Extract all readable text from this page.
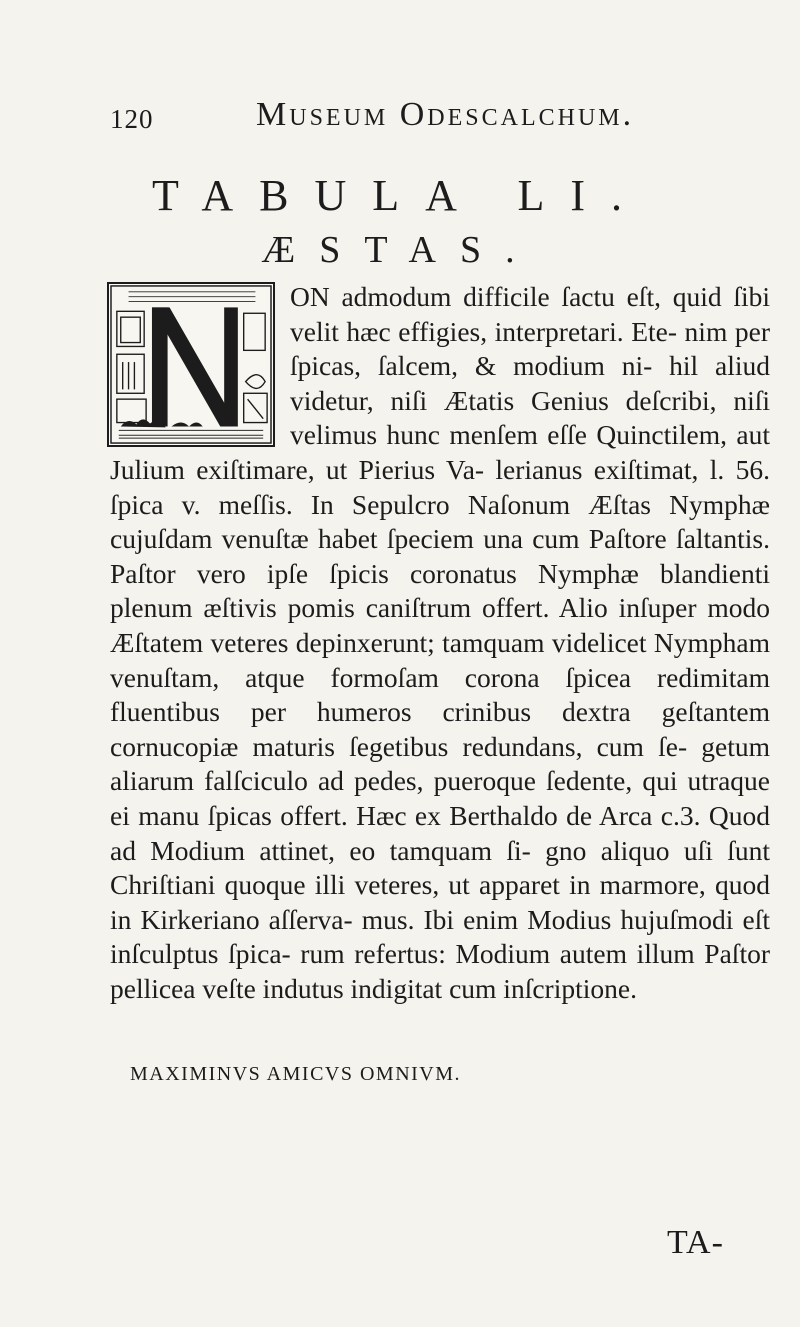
120	Museum Odescalchum.
TABULA LI.
ÆSTAS.

ON admodum difficile ſactu eſt, quid ſibi velit hæc effigies, interpretari. Ete- nim per ſpicas, ſalcem, & modium ni- hil aliud videtur, niſi Ætatis Genius deſcribi, niſi velimus hunc menſem eſſe Quinctilem, aut Julium exiſtimare, ut Pierius Va- lerianus exiſtimat, l. 56. ſpica v. meſſis. In Sepulcro Naſonum Æſtas Nymphæ cujuſdam venuſtæ habet ſpeciem una cum Paſtore ſaltantis. Paſtor vero ipſe ſpicis coronatus Nymphæ blandienti plenum æſtivis pomis caniſtrum offert. Alio inſuper modo Æſtatem veteres depinxerunt; tamquam videlicet Nympham venuſtam, atque formoſam corona ſpicea redimitam fluentibus per humeros crinibus dextra geſtantem cornucopiæ maturis ſegetibus redundans, cum ſe- getum aliarum falſciculo ad pedes, pueroque ſedente, qui utraque ei manu ſpicas offert. Hæc ex Berthaldo de Arca c.3. Quod ad Modium attinet, eo tamquam ſi- gno aliquo uſi ſunt Chriſtiani quoque illi veteres, ut apparet in marmore, quod in Kirkeriano aſſerva- mus. Ibi enim Modius hujuſmodi eſt inſculptus ſpica- rum refertus: Modium autem illum Paſtor pellicea veſte indutus indigitat cum inſcriptione.

MAXIMINVS AMICVS OMNIVM.
TA-
